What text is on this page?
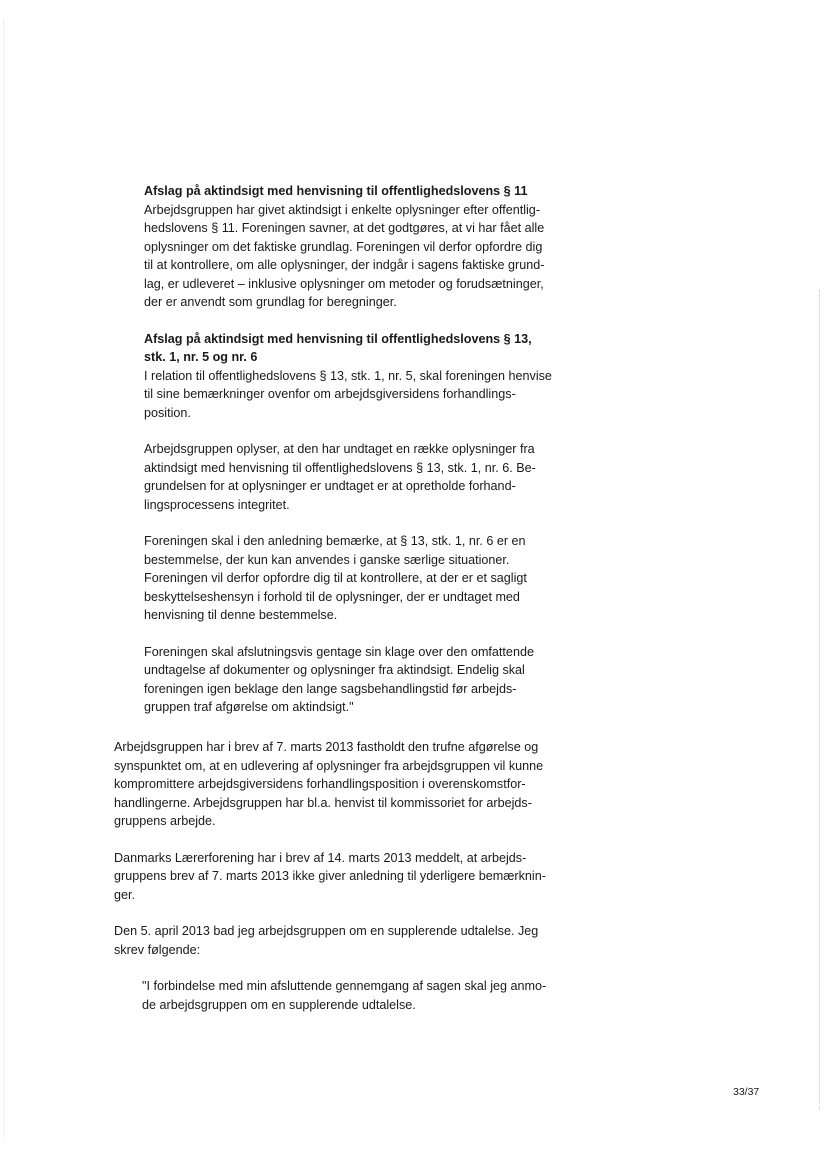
Afslag på aktindsigt med henvisning til offentlighedslovens § 11

Arbejdsgruppen har givet aktindsigt i enkelte oplysninger efter offentlig-
hedslovens § 11. Foreningen savner, at det godtgøres, at vi har fået alle
oplysninger om det faktiske grundlag. Foreningen vil derfor opfordre dig
til at kontrollere, om alle oplysninger, der indgår i sagens faktiske grund-
lag, er udleveret – inklusive oplysninger om metoder og forudsætninger,
der er anvendt som grundlag for beregninger.

Afslag på aktindsigt med henvisning til offentlighedslovens § 13,
stk. 1, nr. 5 og nr. 6

I relation til offentlighedslovens § 13, stk. 1, nr. 5, skal foreningen henvise
til sine bemærkninger ovenfor om arbejdsgiversidens forhandlings-
position.

Arbejdsgruppen oplyser, at den har undtaget en række oplysninger fra
aktindsigt med henvisning til offentlighedslovens § 13, stk. 1, nr. 6. Be-
grundelsen for at oplysninger er undtaget er at opretholde forhand-
lingsprocessens integritet.

Foreningen skal i den anledning bemærke, at § 13, stk. 1, nr. 6 er en
bestemmelse, der kun kan anvendes i ganske særlige situationer.
Foreningen vil derfor opfordre dig til at kontrollere, at der er et sagligt
beskyttelseshensyn i forhold til de oplysninger, der er undtaget med
henvisning til denne bestemmelse.

Foreningen skal afslutningsvis gentage sin klage over den omfattende
undtagelse af dokumenter og oplysninger fra aktindsigt. Endelig skal
foreningen igen beklage den lange sagsbehandlingstid før arbejds-
gruppen traf afgørelse om aktindsigt."

Arbejdsgruppen har i brev af 7. marts 2013 fastholdt den trufne afgørelse og
synspunktet om, at en udlevering af oplysninger fra arbejdsgruppen vil kunne
kompromittere arbejdsgiversidens forhandlingsposition i overenskomstfor-
handlingerne. Arbejdsgruppen har bl.a. henvist til kommissoriet for arbejds-
gruppens arbejde.

Danmarks Lærerforening har i brev af 14. marts 2013 meddelt, at arbejds-
gruppens brev af 7. marts 2013 ikke giver anledning til yderligere bemærknin-
ger.

Den 5. april 2013 bad jeg arbejdsgruppen om en supplerende udtalelse. Jeg
skrev følgende:

"I forbindelse med min afsluttende gennemgang af sagen skal jeg anmo-
de arbejdsgruppen om en supplerende udtalelse.

33/37
